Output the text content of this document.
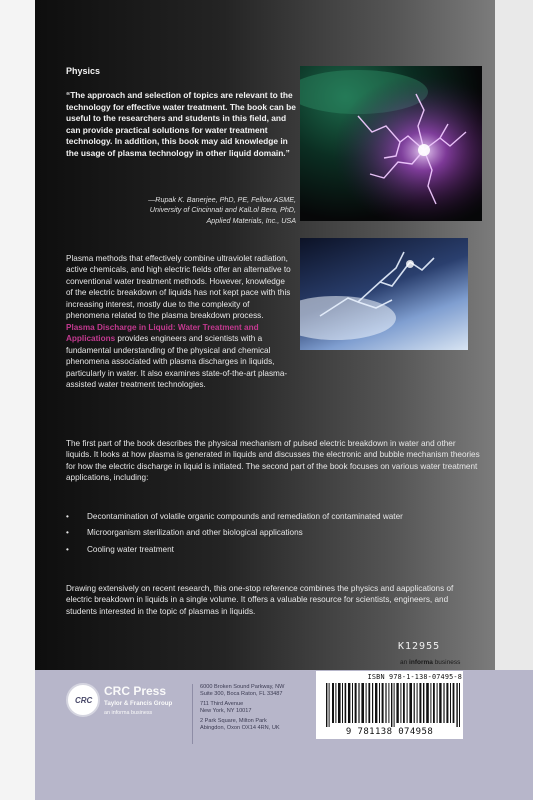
Physics

“The approach and selection of topics are relevant to the technology for effective water treatment. The book can be useful to the researchers and students in this field, and can provide practical solutions for water treatment technology. In addition, this book may aid knowledge in the usage of plasma technology in other liquid domain.”

—Rupak K. Banerjee, PhD, PE, Fellow ASME,
University of Cincinnati and KalLol Bera, PhD,
Applied Materials, Inc., USA

Plasma methods that effectively combine ultraviolet radiation, active chemicals, and high electric fields offer an alternative to conventional water treatment methods. However, knowledge of the electric breakdown of liquids has not kept pace with this increasing interest, mostly due to the complexity of phenomena related to the plasma breakdown process. Plasma Discharge in Liquid: Water Treatment and Applications provides engineers and scientists with a fundamental understanding of the physical and chemical phenomena associated with plasma discharges in liquids, particularly in water. It also examines state-of-the-art plasma-assisted water treatment technologies.

The first part of the book describes the physical mechanism of pulsed electric breakdown in water and other liquids. It looks at how plasma is generated in liquids and discusses the electronic and bubble mechanism theories for how the electric discharge in liquid is initiated. The second part of the book focuses on various water treatment applications, including:

• Decontamination of volatile organic compounds and remediation of contaminated water
• Microorganism sterilization and other biological applications
• Cooling water treatment

Drawing extensively on recent research, this one-stop reference combines the physics and aapplications of electric breakdown in liquids in a single volume. It offers a valuable resource for scientists, engineers, and students interested in the topic of plasmas in liquids.

K12955
an informa business
CRC
CRC Press
Taylor & Francis Group
an informa business
6000 Broken Sound Parkway, NW
Suite 300, Boca Raton, FL 33487
711 Third Avenue
New York, NY 10017
2 Park Square, Milton Park
Abingdon, Oxon OX14 4RN, UK
ISBN 978-1-138-07495-8
9 781138 074958
